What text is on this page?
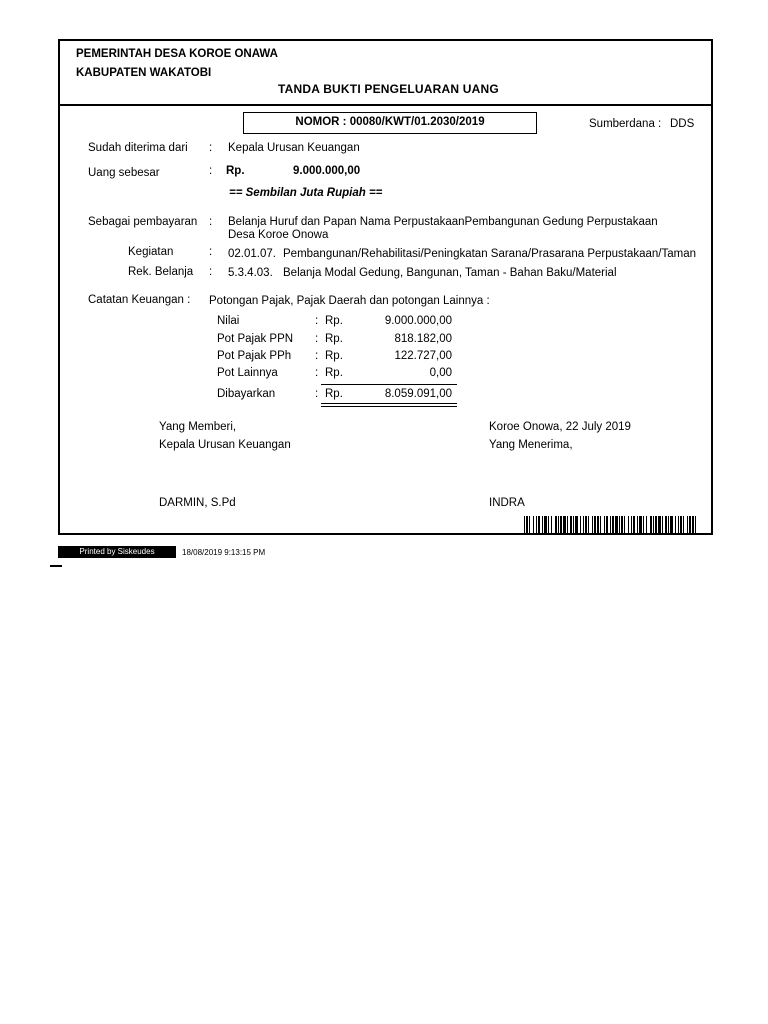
PEMERINTAH DESA KOROE ONAWA
KABUPATEN WAKATOBI
TANDA BUKTI PENGELUARAN UANG
NOMOR : 00080/KWT/01.2030/2019	Sumberdana : DDS
Sudah diterima dari : Kepala Urusan Keuangan
Uang sebesar	: Rp.	9.000.000,00
== Sembilan Juta Rupiah ==
Sebagai pembayaran : Belanja Huruf dan Papan Nama PerpustakaanPembangunan Gedung Perpustakaan
Desa Koroe Onowa
Kegiatan	: 02.01.07. Pembangunan/Rehabilitasi/Peningkatan Sarana/Prasarana Perpustakaan/Taman
Rek. Belanja : 5.3.4.03. Belanja Modal Gedung, Bangunan, Taman - Bahan Baku/Material
Catatan Keuangan : Potongan Pajak, Pajak Daerah dan potongan Lainnya :
Nilai	: Rp.	9.000.000,00
Pot Pajak PPN : Rp.	818.182,00
Pot Pajak PPh : Rp.	122.727,00
Pot Lainnya	: Rp.	0,00
Dibayarkan	: Rp.	8.059.091,00
Yang Memberi,
Kepala Urusan Keuangan
DARMIN, S.Pd
Koroe Onowa, 22 July 2019
Yang Menerima,
INDRA
Printed by Siskeudes	18/08/2019 9:13:15 PM
